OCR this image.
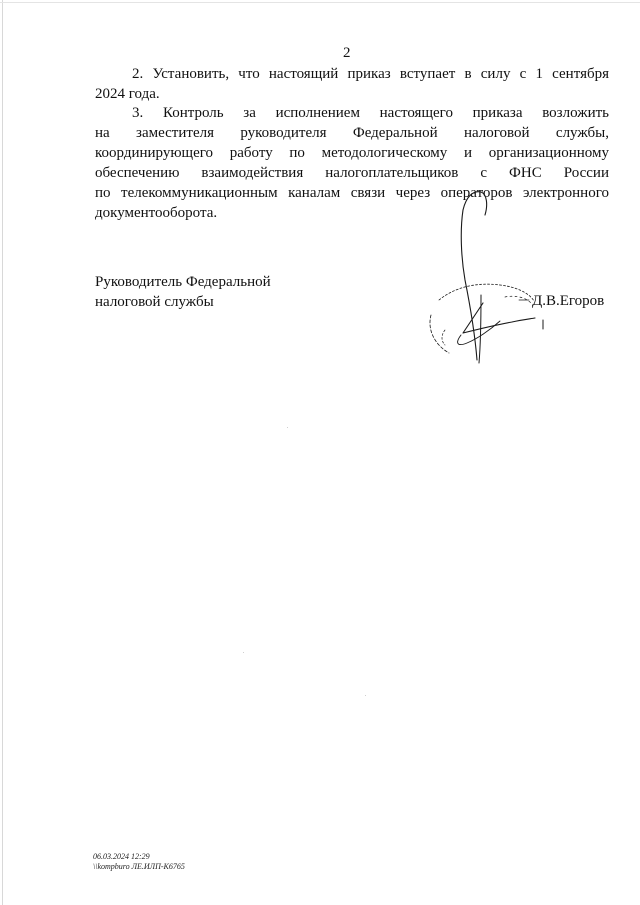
2
2. Установить, что настоящий приказ вступает в силу с 1 сентября
2024 года.
3. Контроль за исполнением настоящего приказа возложить
на заместителя руководителя Федеральной налоговой службы,
координирующего работу по методологическому и организационному
обеспечению взаимодействия налогоплательщиков с ФНС России
по телекоммуникационным каналам связи через операторов электронного
документооборота.
Руководитель Федеральной
налоговой службы	Д.В.Егоров
06.03.2024 12:29
\\kompburo ЛЕ.ИЛП-К6765
